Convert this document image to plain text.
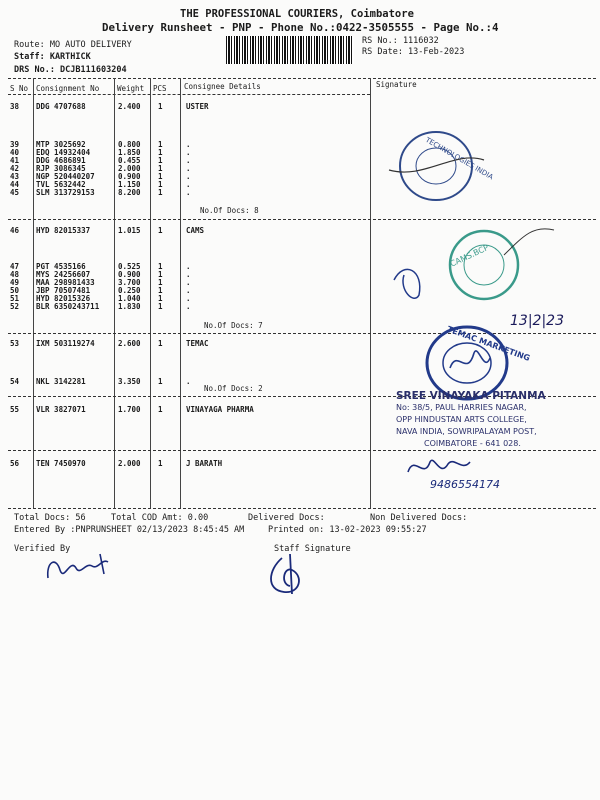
THE PROFESSIONAL COURIERS, Coimbatore
Delivery Runsheet - PNP - Phone No.:0422-3505555 - Page No.:4
Route: MO AUTO DELIVERY
Staff: KARTHICK
DRS No.: DCJB111603204
RS No.: 1116032
RS Date: 13-Feb-2023
S No Consignment No Weight PCS Consignee Details	Signature
38 DDG 4707688	2.400 1	USTER
39 MTP 3025692	0.800 1	.
40 EDQ 14932404	1.850 1	.
41 DDG 4686891	0.455 1	.
42 RJP 3086345	2.000 1	.
43 NGP 520440207	0.900 1	.
44 TVL 5632442	1.150 1	.
45 SLM 313729153	8.200 1	.
46 HYD 82015337	1.015 1	CAMS
47 PGT 4535166	0.525 1	.
48 MYS 24256607	0.900 1	.
49 MAA 298981433	3.700 1	.
50 JBP 70507481	0.250 1	.
51 HYD 82015326	1.040 1	.
52 BLR 6350243711	1.830 1	.
53 IXM 503119274	2.600 1	TEMAC
54 NKL 3142281	3.350 1	.
55 VLR 3827071	1.700 1	VINAYAGA PHARMA
56 TEN 7450970	2.000 1	J BARATH
No.Of Docs: 8
No.Of Docs: 7
No.Of Docs: 2
TECHNOLOGIES INDIA
CAMS.BCP
13|2|23
TEMAC MARKETING
SREE VINAYAKA PITANMA
No: 38/5, PAUL HARRIES NAGAR,
OPP HINDUSTAN ARTS COLLEGE,
NAVA INDIA, SOWRIPALAYAM POST,
COIMBATORE - 641 028.
9486554174
Total Docs: 56	Total COD Amt: 0.00	Delivered Docs:	Non Delivered Docs:
Entered By :PNPRUNSHEET 02/13/2023 8:45:45 AM	Printed on: 13-02-2023 09:55:27
Verified By	Staff Signature
